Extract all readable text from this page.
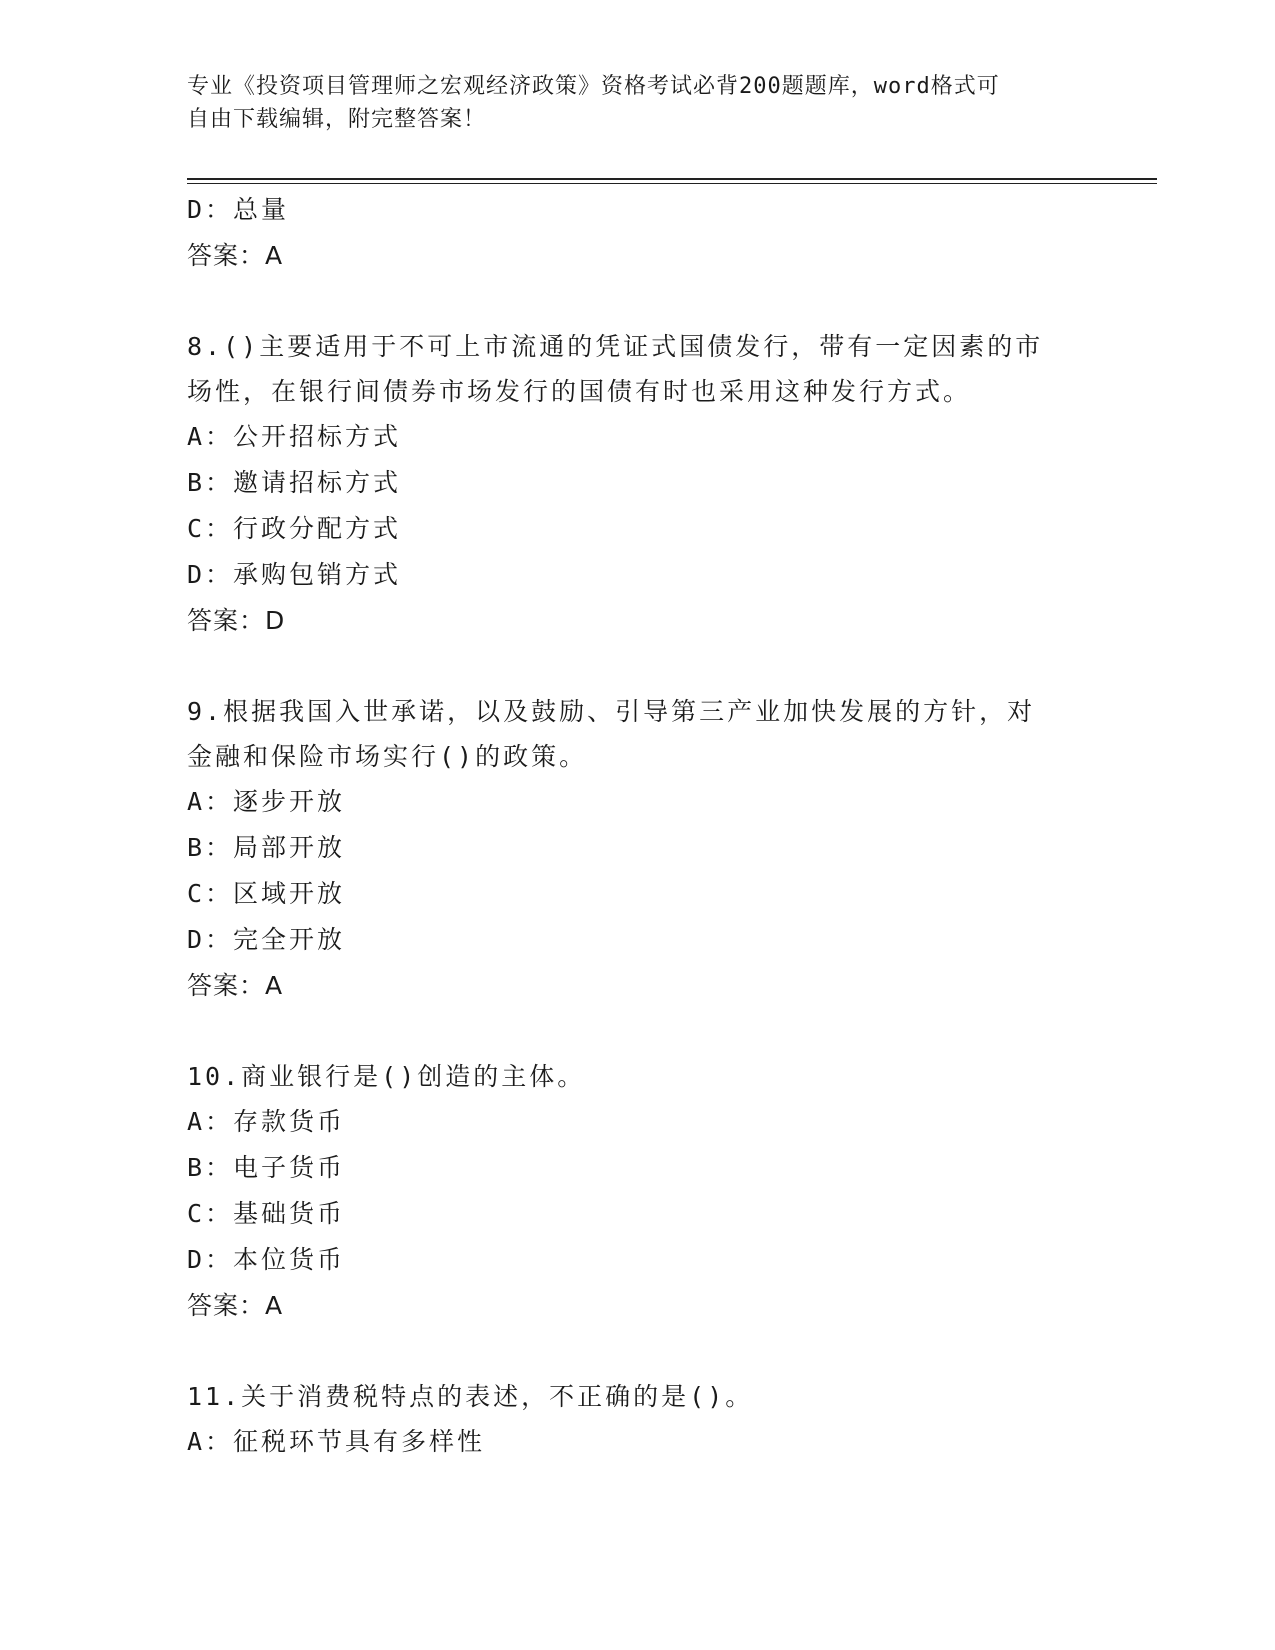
专业《投资项目管理师之宏观经济政策》资格考试必背200题题库，word格式可
自由下载编辑，附完整答案！
D：总量
答案：A
8.()主要适用于不可上市流通的凭证式国债发行，带有一定因素的市
场性，在银行间债券市场发行的国债有时也采用这种发行方式。
A：公开招标方式
B：邀请招标方式
C：行政分配方式
D：承购包销方式
答案：D
9.根据我国入世承诺，以及鼓励、引导第三产业加快发展的方针，对
金融和保险市场实行()的政策。
A：逐步开放
B：局部开放
C：区域开放
D：完全开放
答案：A
10.商业银行是()创造的主体。
A：存款货币
B：电子货币
C：基础货币
D：本位货币
答案：A
11.关于消费税特点的表述，不正确的是()。
A：征税环节具有多样性
